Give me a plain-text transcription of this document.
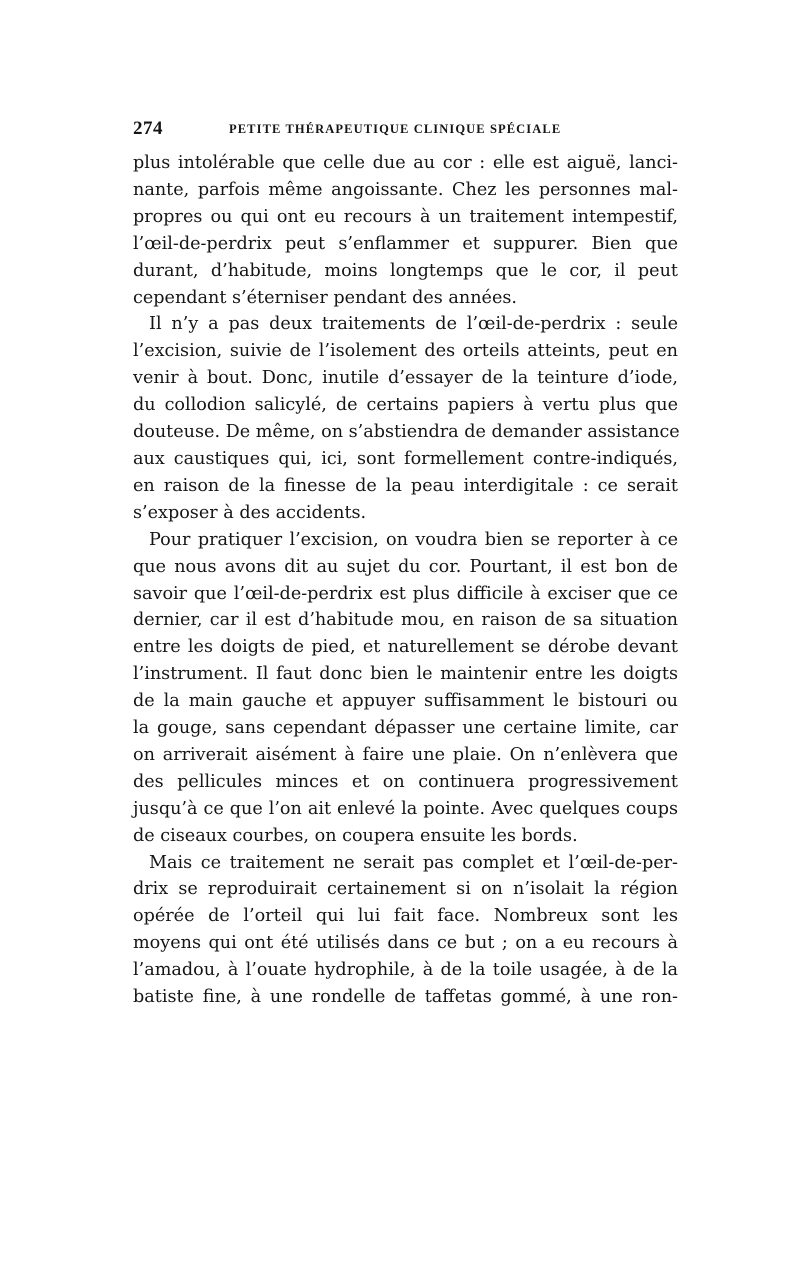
274	PETITE THÉRAPEUTIQUE CLINIQUE SPÉCIALE
plus intolérable que celle due au cor : elle est aiguë, lanci-
nante, parfois même angoissante. Chez les personnes mal-
propres ou qui ont eu recours à un traitement intempestif,
l’œil-de-perdrix peut s’enflammer et suppurer. Bien que
durant, d’habitude, moins longtemps que le cor, il peut
cependant s’éterniser pendant des années.
Il n’y a pas deux traitements de l’œil-de-perdrix : seule
l’excision, suivie de l’isolement des orteils atteints, peut en
venir à bout. Donc, inutile d’essayer de la teinture d’iode,
du collodion salicylé, de certains papiers à vertu plus que
douteuse. De même, on s’abstiendra de demander assistance
aux caustiques qui, ici, sont formellement contre-indiqués,
en raison de la finesse de la peau interdigitale : ce serait
s’exposer à des accidents.
Pour pratiquer l’excision, on voudra bien se reporter à ce
que nous avons dit au sujet du cor. Pourtant, il est bon de
savoir que l’œil-de-perdrix est plus difficile à exciser que ce
dernier, car il est d’habitude mou, en raison de sa situation
entre les doigts de pied, et naturellement se dérobe devant
l’instrument. Il faut donc bien le maintenir entre les doigts
de la main gauche et appuyer suffisamment le bistouri ou
la gouge, sans cependant dépasser une certaine limite, car
on arriverait aisément à faire une plaie. On n’enlèvera que
des pellicules minces et on continuera progressivement
jusqu’à ce que l’on ait enlevé la pointe. Avec quelques coups
de ciseaux courbes, on coupera ensuite les bords.
Mais ce traitement ne serait pas complet et l’œil-de-per-
drix se reproduirait certainement si on n’isolait la région
opérée de l’orteil qui lui fait face. Nombreux sont les
moyens qui ont été utilisés dans ce but ; on a eu recours à
l’amadou, à l’ouate hydrophile, à de la toile usagée, à de la
batiste fine, à une rondelle de taffetas gommé, à une ron-
